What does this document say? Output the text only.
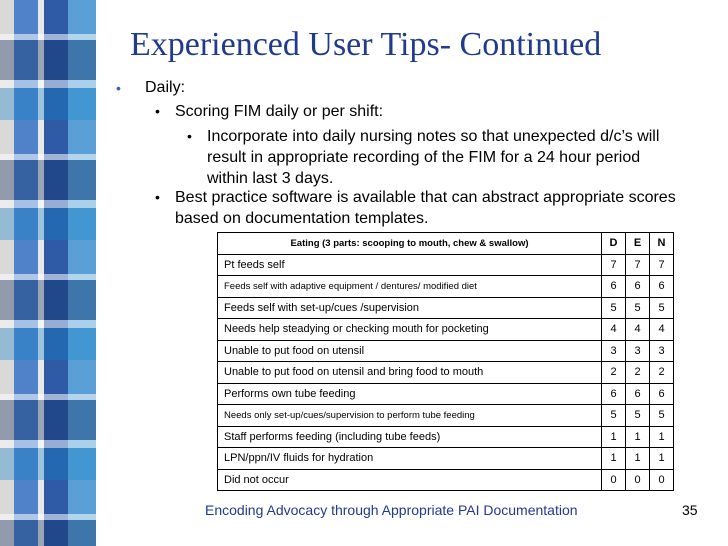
Experienced User Tips- Continued
• Daily:
• Scoring FIM daily or per shift:
• Incorporate into daily nursing notes so that unexpected d/c’s will result in appropriate recording of the FIM for a 24 hour period within last 3 days.
• Best practice software is available that can abstract appropriate scores based on documentation templates.
Eating (3 parts: scooping to mouth, chew & swallow)	D	E	N
Pt feeds self	7	7	7
Feeds self with adaptive equipment / dentures/ modified diet	6	6	6
Feeds self with set-up/cues /supervision	5	5	5
Needs help steadying or checking mouth for pocketing	4	4	4
Unable to put food on utensil	3	3	3
Unable to put food on utensil and bring food to mouth	2	2	2
Performs own tube feeding	6	6	6
Needs only set-up/cues/supervision to perform tube feeding	5	5	5
Staff performs feeding (including tube feeds)	1	1	1
LPN/ppn/IV fluids for hydration	1	1	1
Did not occur	0	0	0
Encoding Advocacy through Appropriate PAI Documentation	35
